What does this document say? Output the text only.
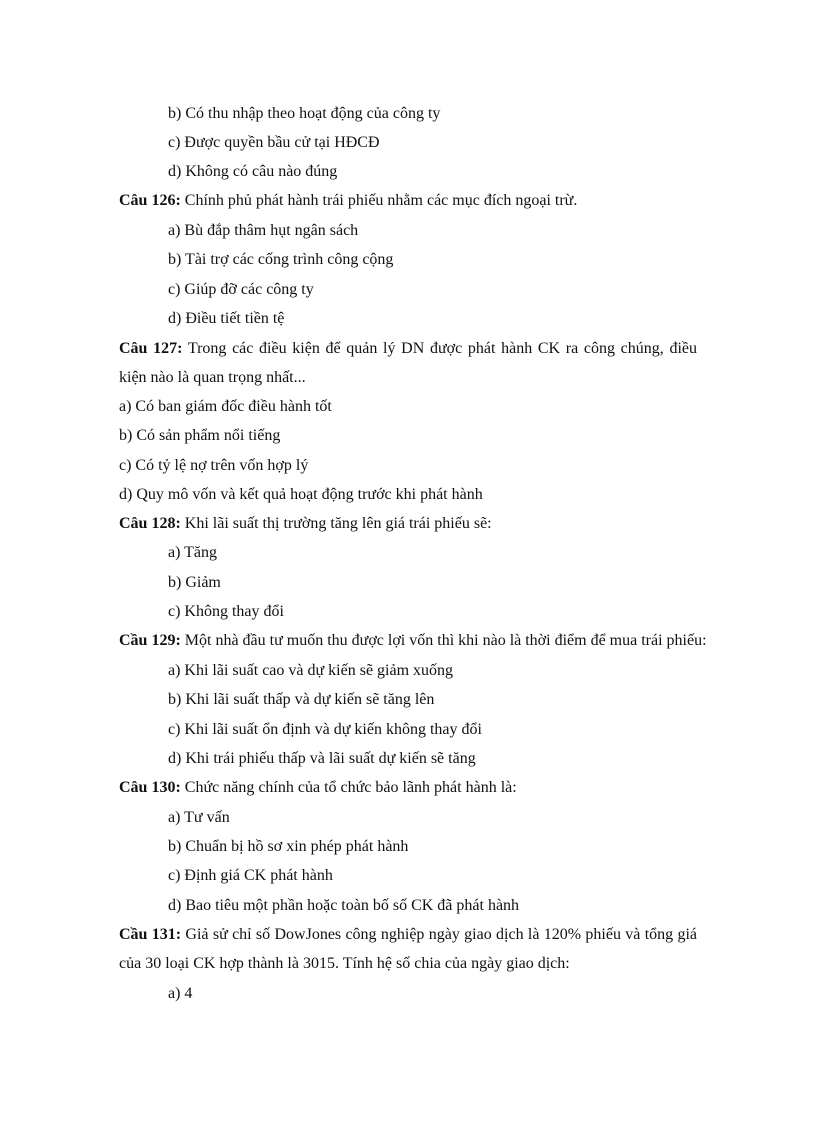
b) Có thu nhập theo hoạt động của công ty
c) Được quyền bầu cử tại HĐCĐ
d) Không có câu nào đúng
Câu 126: Chính phủ phát hành trái phiếu nhằm các mục đích ngoại trừ.
a) Bù đắp thâm hụt ngân sách
b) Tài trợ các cống trình công cộng
c) Giúp đỡ các công ty
d) Điều tiết tiền tệ
Câu 127: Trong các điều kiện để quản lý DN được phát hành CK ra công chúng, điều
kiện nào là quan trọng nhất...
a) Có ban giám đốc điều hành tốt
b) Có sản phẩm nổi tiếng
c) Có tỷ lệ nợ trên vốn hợp lý
d) Quy mô vốn và kết quả hoạt động trước khi phát hành
Câu 128: Khi lãi suất thị trường tăng lên giá trái phiếu sẽ:
a) Tăng
b) Giảm
c) Không thay đổi
Cầu 129: Một nhà đầu tư muốn thu được lợi vốn thì khi nào là thời điểm để mua trái phiếu:
a) Khi lãi suất cao và dự kiến sẽ giảm xuống
b) Khi lãi suất thấp và dự kiến sẽ tăng lên
c) Khi lãi suất ổn định và dự kiến không thay đổi
d) Khi trái phiếu thấp và lãi suất dự kiến sẽ tăng
Câu 130: Chức năng chính của tổ chức bảo lãnh phát hành là:
a) Tư vấn
b) Chuẩn bị hồ sơ xin phép phát hành
c) Định giá CK phát hành
d) Bao tiêu một phần hoặc toàn bố số CK đã phát hành
Cầu 131: Giả sử chỉ số DowJones công nghiệp ngày giao dịch là 120% phiếu và tổng giá
của 30 loại CK hợp thành là 3015. Tính hệ số chia của ngày giao dịch:
a) 4
